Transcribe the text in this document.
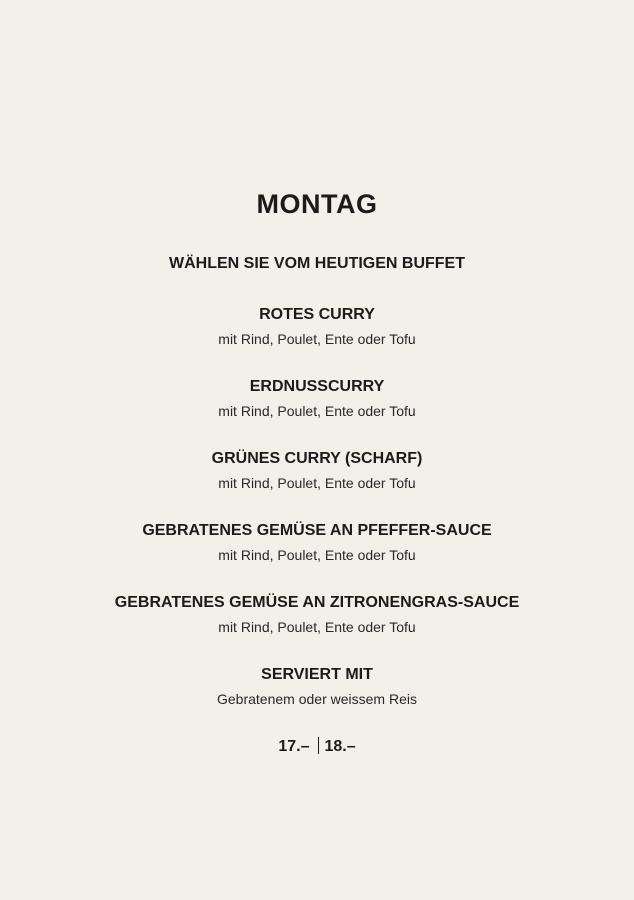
MONTAG
WÄHLEN SIE VOM HEUTIGEN BUFFET
ROTES CURRY
mit Rind, Poulet, Ente oder Tofu
ERDNUSSCURRY
mit Rind, Poulet, Ente oder Tofu
GRÜNES CURRY (SCHARF)
mit Rind, Poulet, Ente oder Tofu
GEBRATENES GEMÜSE AN PFEFFER-SAUCE
mit Rind, Poulet, Ente oder Tofu
GEBRATENES GEMÜSE AN ZITRONENGRAS-SAUCE
mit Rind, Poulet, Ente oder Tofu
SERVIERT MIT
Gebratenem oder weissem Reis
17.– 18.–
